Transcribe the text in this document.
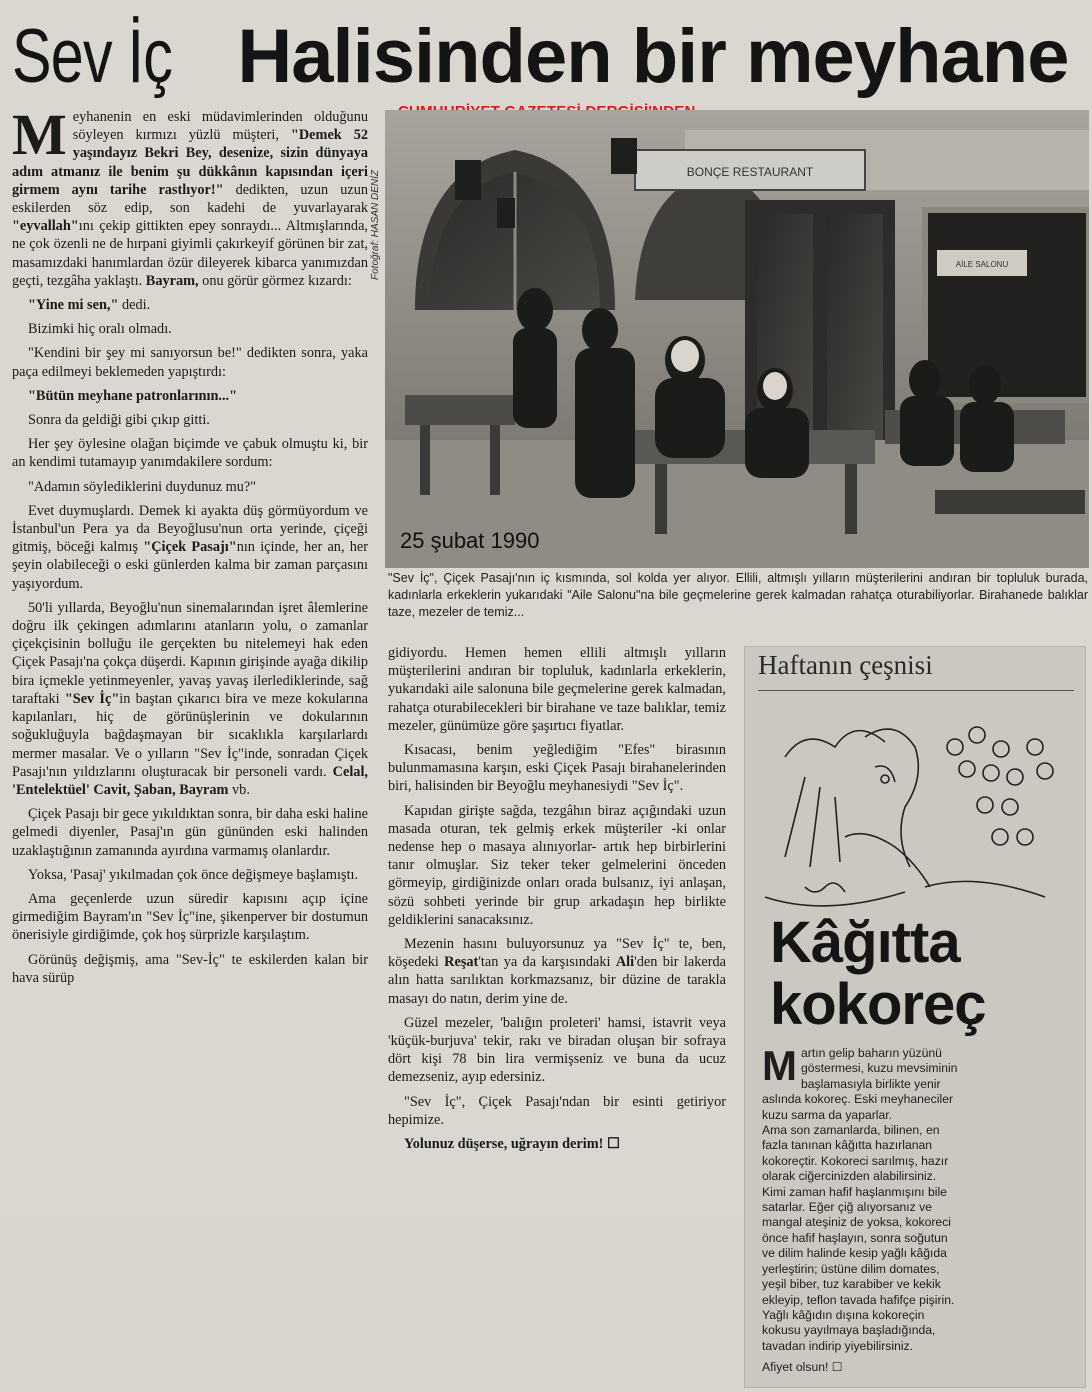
Sev İç Halisinden bir meyhane

Meyhanenin en eski müdavimlerinden olduğunu söyleyen kırmızı yüzlü müşteri, "Demek 52 yaşındayız Bekri Bey, desenize, sizin dünyaya adım atmanız ile benim şu dükkânın kapısından içeri girmem aynı tarihe rastlıyor!" dedikten, uzun uzun eskilerden söz edip, son kadehi de yuvarlayarak "eyvallah"ını çekip gittikten epey sonraydı... Altmışlarında, ne çok özenli ne de hırpani giyimli çakırkeyif görünen bir zat, masamızdaki hanımlardan özür dileyerek kibarca yanımızdan geçti, tezgâha yaklaştı. Bayram, onu görür görmez kızardı:

"Yine mi sen," dedi.

Bizimki hiç oralı olmadı.

"Kendini bir şey mi sanıyorsun be!" dedikten sonra, yaka paça edilmeyi beklemeden yapıştırdı:

"Bütün meyhane patronlarının..."

Sonra da geldiği gibi çıkıp gitti.

Her şey öylesine olağan biçimde ve çabuk olmuştu ki, bir an kendimi tutamayıp yanımdakilere sordum:

"Adamın söylediklerini duydunuz mu?"

Evet duymuşlardı. Demek ki ayakta düş görmüyordum ve İstanbul'un Pera ya da Beyoğlusu'nun orta yerinde, çiçeği gitmiş, böceği kalmış "Çiçek Pasajı"nın içinde, her an, her şeyin olabileceği o eski günlerden kalma bir zaman parçasını yaşıyordum.

50'li yıllarda, Beyoğlu'nun sinemalarından işret âlemlerine doğru ilk çekingen adımlarını atanların yolu, o zamanlar çiçekçisinin bolluğu ile gerçekten bu nitelemeyi hak eden Çiçek Pasajı'na çokça düşerdi. Kapının girişinde ayağa dikilip bira içmekle yetinmeyenler, yavaş yavaş ilerlediklerinde, sağ taraftaki "Sev İç"in baştan çıkarıcı bira ve meze kokularına kapılanları, hiç de görünüşlerinin ve dokularının soğukluğuyla bağdaşmayan bir sıcaklıkla karşılarlardı mermer masalar. Ve o yılların "Sev İç"inde, sonradan Çiçek Pasajı'nın yıldızlarını oluşturacak bir personeli vardı. Celal, 'Entelektüel' Cavit, Şaban, Bayram vb.

Çiçek Pasajı bir gece yıkıldıktan sonra, bir daha eski haline gelmedi diyenler, Pasaj'ın gün gününden eski halinden uzaklaştığının zamanında ayırdına varmamış olanlardır.

Yoksa, 'Pasaj' yıkılmadan çok önce değişmeye başlamıştı.

Ama geçenlerde uzun süredir kapısını açıp içine girmediğim Bayram'ın "Sev İç"ine, şikenperver bir dostumun önerisiyle girdiğimde, çok hoş sürprizle karşılaştım.

Görünüş değişmiş, ama "Sev-İç" te eskilerden kalan bir hava sürüp

Fotoğraf: HASAN DENİZ	BONÇE RESTAURANT
AİLE SALONU
25 şubat 1990
"Sev İç", Çiçek Pasajı'nın iç kısmında, sol kolda yer alıyor. Ellili, altmışlı yılların müşterilerini andıran bir topluluk burada, kadınlarla erkeklerin yukarıdaki "Aile Salonu"na bile geçmelerine gerek kalmadan rahatça oturabiliyorlar. Birahanede balıklar taze, mezeler de temiz...

gidiyordu. Hemen hemen ellili altmışlı yılların müşterilerini andıran bir topluluk, kadınlarla erkeklerin, yukarıdaki aile salonuna bile geçmelerine gerek kalmadan, rahatça oturabilecekleri bir birahane ve taze balıklar, temiz mezeler, günümüze göre şaşırtıcı fiyatlar.

Kısacası, benim yeğlediğim "Efes" birasının bulunmamasına karşın, eski Çiçek Pasajı birahanelerinden biri, halisinden bir Beyoğlu meyhanesiydi "Sev İç".

Kapıdan girişte sağda, tezgâhın biraz açığındaki uzun masada oturan, tek gelmiş erkek müşteriler -ki onlar nedense hep o masaya alınıyorlar- artık hep birbirlerini tanır olmuşlar. Siz teker teker gelmelerini önceden görmeyip, girdiğinizde onları orada bulsanız, iyi anlaşan, sözü sohbeti yerinde bir grup arkadaşın hep birlikte geldiklerini sanacaksınız.

Mezenin hasını buluyorsunuz ya "Sev İç" te, ben, köşedeki Reşat'tan ya da karşısındaki Ali'den bir lakerda alın hatta sarılıktan korkmazsanız, bir düzine de tarakla masayı do natın, derim yine de.

Güzel mezeler, 'balığın proleteri' hamsi, istavrit veya 'küçük-burjuva' tekir, rakı ve biradan oluşan bir sofraya dört kişi 78 bin lira vermişseniz ve buna da ucuz demezseniz, ayıp edersiniz.

"Sev İç", Çiçek Pasajı'ndan bir esinti getiriyor hepimize.

Yolunuz düşerse, uğrayın derim! ☐

Haftanın çeşnisi
Kâğıtta
kokoreç

Martın gelip baharın yüzünü göstermesi, kuzu mevsiminin başlamasıyla birlikte yenir aslında kokoreç. Eski meyhaneciler kuzu sarma da yaparlar.

Ama son zamanlarda, bilinen, en fazla tanınan kâğıtta hazırlanan kokoreçtir. Kokoreci sarılmış, hazır olarak ciğercinizden alabilirsiniz. Kimi zaman hafif haşlanmışını bile satarlar. Eğer çiğ alıyorsanız ve mangal ateşiniz de yoksa, kokoreci önce hafif haşlayın, sonra soğutun ve dilim halinde kesip yağlı kâğıda yerleştirin; üstüne dilim domates, yeşil biber, tuz karabiber ve kekik ekleyip, teflon tavada hafifçe pişirin. Yağlı kâğıdın dışına kokoreçin kokusu yayılmaya başladığında, tavadan indirip yiyebilirsiniz.

Afiyet olsun! ☐
